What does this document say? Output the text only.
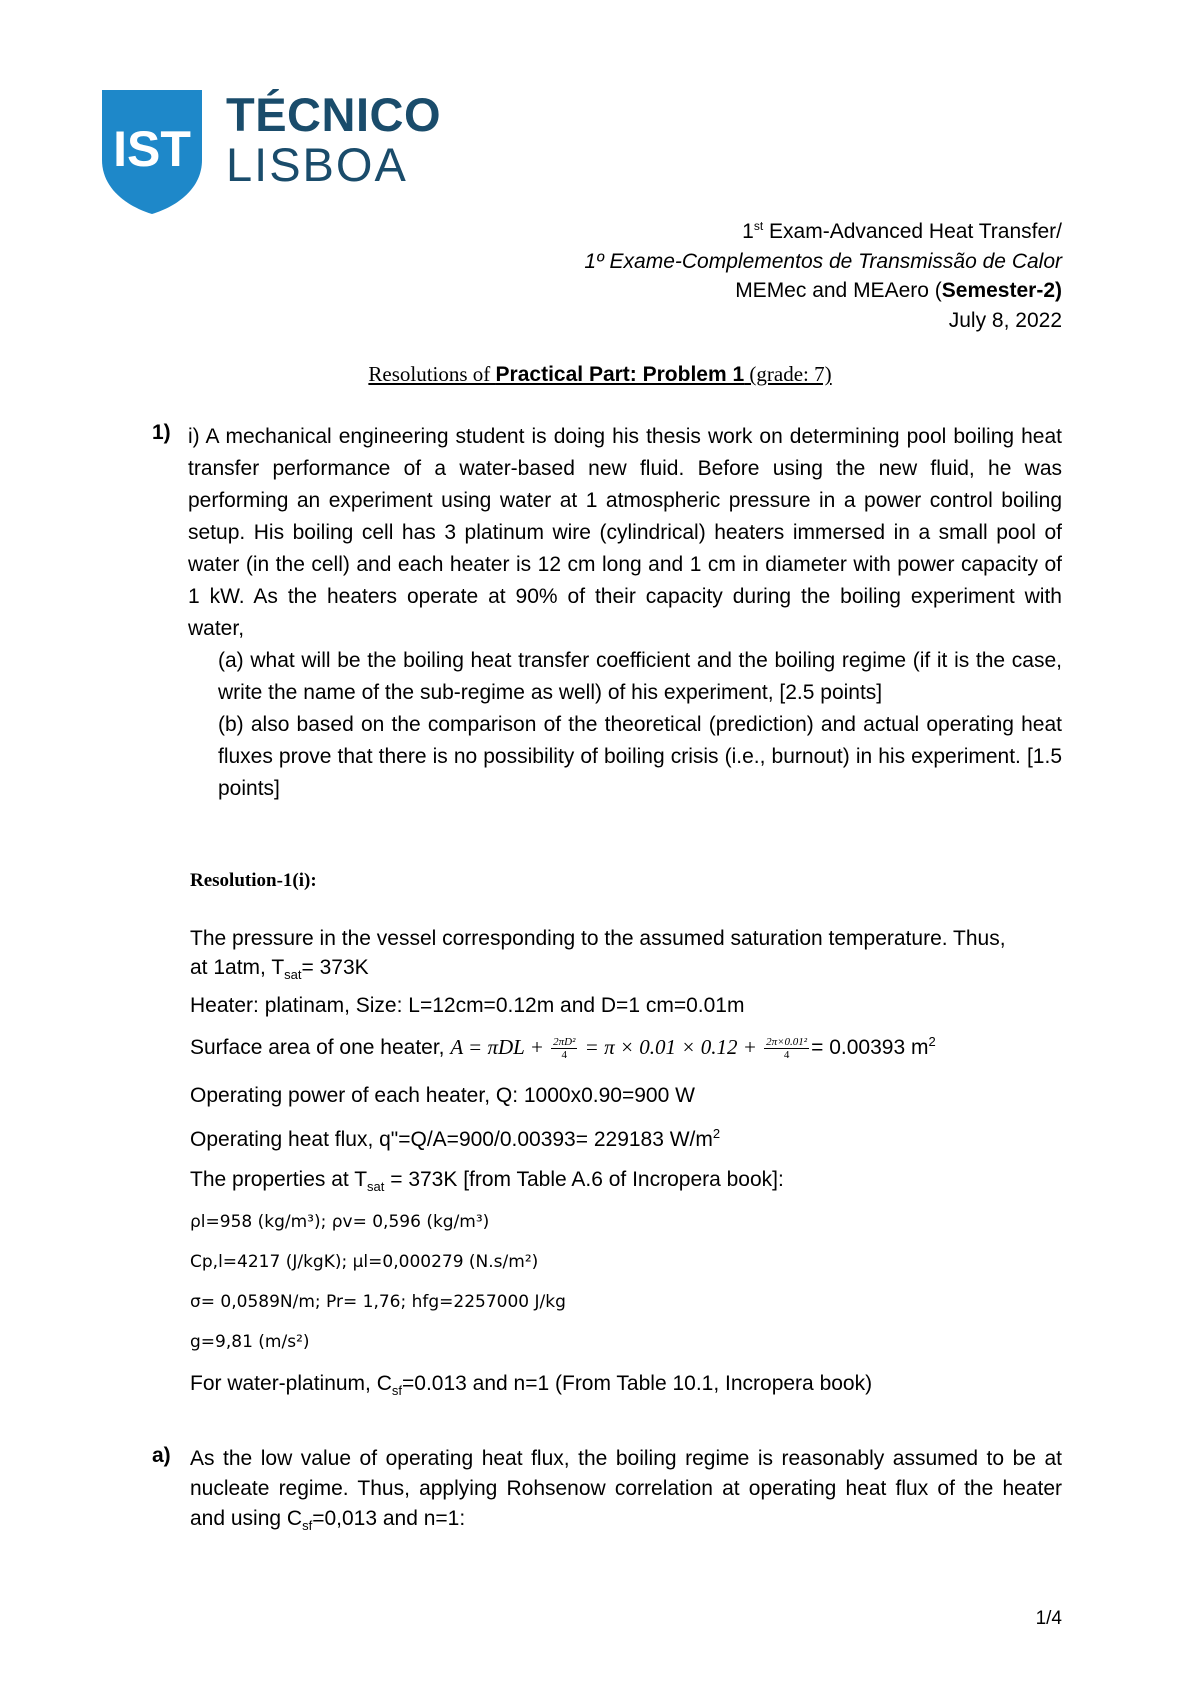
IST
TÉCNICO
LISBOA
1st Exam-Advanced Heat Transfer/
1º Exame-Complementos de Transmissão de Calor
MEMec and MEAero (Semester-2)
July 8, 2022
Resolutions of Practical Part: Problem 1 (grade: 7)
1) i) A mechanical engineering student is doing his thesis work on determining pool boiling heat transfer performance of a water-based new fluid. Before using the new fluid, he was performing an experiment using water at 1 atmospheric pressure in a power control boiling setup. His boiling cell has 3 platinum wire (cylindrical) heaters immersed in a small pool of water (in the cell) and each heater is 12 cm long and 1 cm in diameter with power capacity of 1 kW. As the heaters operate at 90% of their capacity during the boiling experiment with water,
(a) what will be the boiling heat transfer coefficient and the boiling regime (if it is the case, write the name of the sub-regime as well) of his experiment, [2.5 points]
(b) also based on the comparison of the theoretical (prediction) and actual operating heat fluxes prove that there is no possibility of boiling crisis (i.e., burnout) in his experiment. [1.5 points]
Resolution-1(i):
The pressure in the vessel corresponding to the assumed saturation temperature. Thus,
at 1atm, $T_{sat}= 373K$
Heater: platinam, Size: L=12cm=0.12m and D=1 cm=0.01m
Surface area of one heater, $A = \pi DL + \frac{\text{2πD²}}{4} = \pi \times 0.01 \times 0.12 + \frac{\text{2π×0.01²}}{4} = 0.00393$ $m^2$
Operating power of each heater, Q: 1000x0.90=900 W
Operating heat flux, q"=Q/A=900/0.00393= 229183 $W/m^2$
The properties at $T_{sat} = 373K$ [from Table A.6 of Incropera book]:
ρl=958 (kg/m³); ρv= 0,596 (kg/m³)
Cp,l=4217 (J/kgK); μl=0,000279 (N.s/m²)
σ= 0,0589N/m; Pr= 1,76; hfg=2257000 J/kg
g=9,81 (m/s²)
For water-platinum, $C_{sf}=0.013$ and n=1 (From Table 10.1, Incropera book)
a) As the low value of operating heat flux, the boiling regime is reasonably assumed to be at nucleate regime. Thus, applying Rohsenow correlation at operating heat flux of the heater and using $C_{sf}=0,013$ and n=1:
1/4
